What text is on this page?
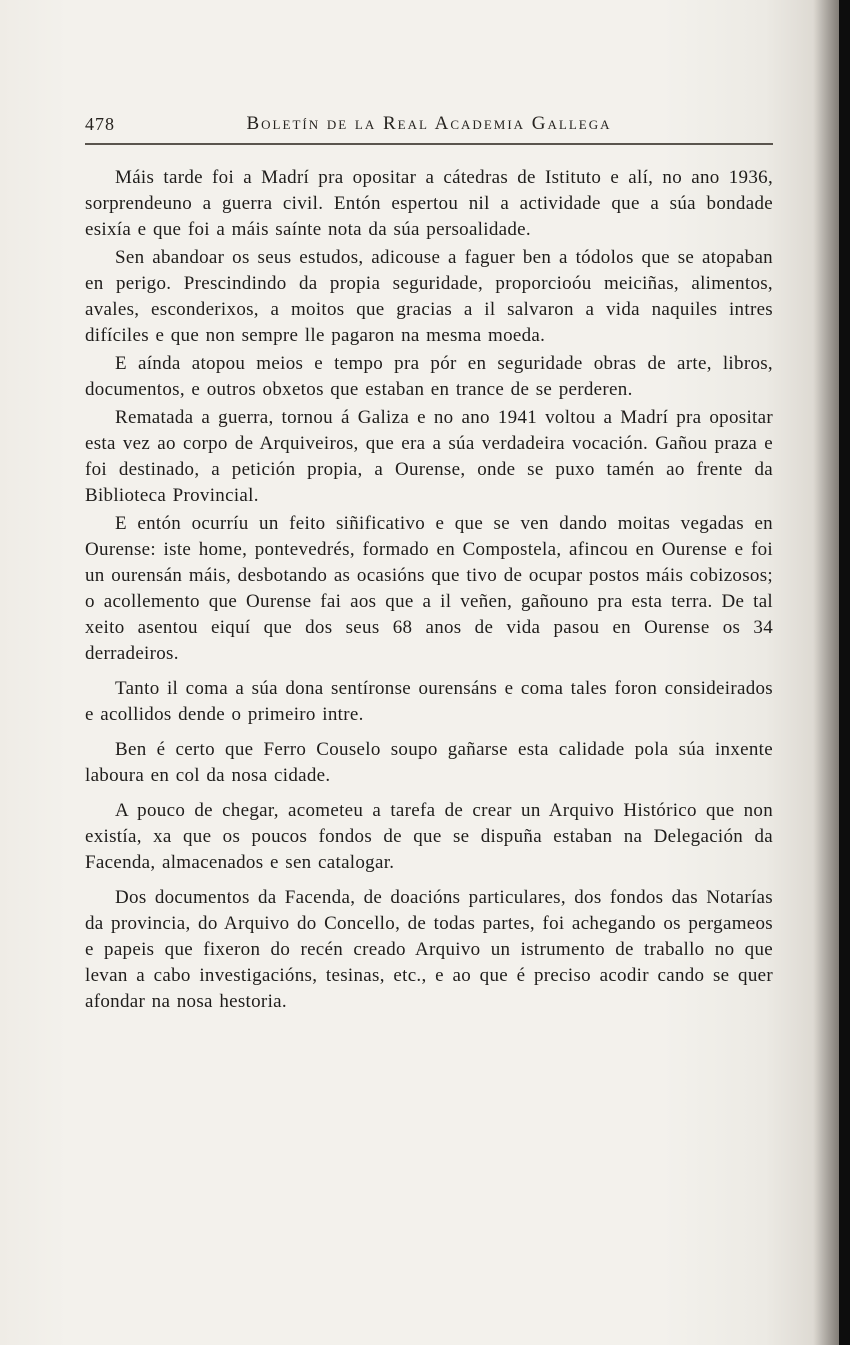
478	Boletín de la Real Academia Gallega

Máis tarde foi a Madrí pra opositar a cátedras de Istituto e alí, no ano 1936, sorprendeuno a guerra civil. Entón espertou nil a actividade que a súa bondade esixía e que foi a máis saínte nota da súa persoalidade.

Sen abandoar os seus estudos, adicouse a faguer ben a tódolos que se atopaban en perigo. Prescindindo da propia seguridade, proporcioóu meiciñas, alimentos, avales, esconderixos, a moitos que gracias a il salvaron a vida naquiles intres difíciles e que non sempre lle pagaron na mesma moeda.

E aínda atopou meios e tempo pra pór en seguridade obras de arte, libros, documentos, e outros obxetos que estaban en trance de se perderen.

Rematada a guerra, tornou á Galiza e no ano 1941 voltou a Madrí pra opositar esta vez ao corpo de Arquiveiros, que era a súa verdadeira vocación. Gañou praza e foi destinado, a petición propia, a Ourense, onde se puxo tamén ao frente da Biblioteca Provincial.

E entón ocurríu un feito siñificativo e que se ven dando moitas vegadas en Ourense: iste home, pontevedrés, formado en Compostela, afincou en Ourense e foi un ourensán máis, desbotando as ocasións que tivo de ocupar postos máis cobizosos; o acollemento que Ourense fai aos que a il veñen, gañouno pra esta terra. De tal xeito asentou eiquí que dos seus 68 anos de vida pasou en Ourense os 34 derradeiros.

Tanto il coma a súa dona sentíronse ourensáns e coma tales foron consideirados e acollidos dende o primeiro intre.

Ben é certo que Ferro Couselo soupo gañarse esta calidade pola súa inxente laboura en col da nosa cidade.

A pouco de chegar, acometeu a tarefa de crear un Arquivo Histórico que non existía, xa que os poucos fondos de que se dispuña estaban na Delegación da Facenda, almacenados e sen catalogar.

Dos documentos da Facenda, de doacións particulares, dos fondos das Notarías da provincia, do Arquivo do Concello, de todas partes, foi achegando os pergameos e papeis que fixeron do recén creado Arquivo un istrumento de traballo no que levan a cabo investigacións, tesinas, etc., e ao que é preciso acodir cando se quer afondar na nosa hestoria.
